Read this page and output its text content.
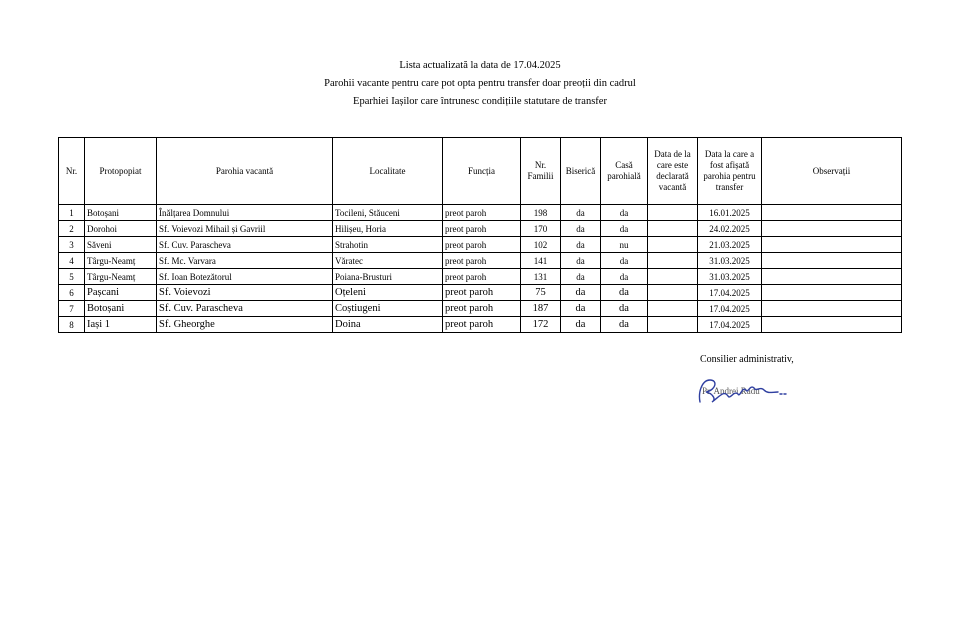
Lista actualizată la data de 17.04.2025
Parohii vacante pentru care pot opta pentru transfer doar preoții din cadrul
Eparhiei Iașilor care întrunesc condițiile statutare de transfer
Nr.	Protopopiat	Parohia vacantă	Localitate	Funcția	Nr. Familii	Biserică	Casă parohială	Data de la care este declarată vacantă	Data la care a fost afișată parohia pentru transfer	Observații
1	Botoșani	Înălțarea Domnului	Tocileni, Stăuceni	preot paroh	198	da	da		16.01.2025	
2	Dorohoi	Sf. Voievozi Mihail și Gavriil	Hilișeu, Horia	preot paroh	170	da	da		24.02.2025	
3	Săveni	Sf. Cuv. Parascheva	Strahotin	preot paroh	102	da	nu		21.03.2025	
4	Târgu-Neamț	Sf. Mc. Varvara	Văratec	preot paroh	141	da	da		31.03.2025	
5	Târgu-Neamț	Sf. Ioan Botezătorul	Poiana-Brusturi	preot paroh	131	da	da		31.03.2025	
6	Pașcani	Sf. Voievozi	Oțeleni	preot paroh	75	da	da		17.04.2025	
7	Botoșani	Sf. Cuv. Parascheva	Coștiugeni	preot paroh	187	da	da		17.04.2025	
8	Iași 1	Sf. Gheorghe	Doina	preot paroh	172	da	da		17.04.2025	
Consilier administrativ,
Pr. Andrei Radu
